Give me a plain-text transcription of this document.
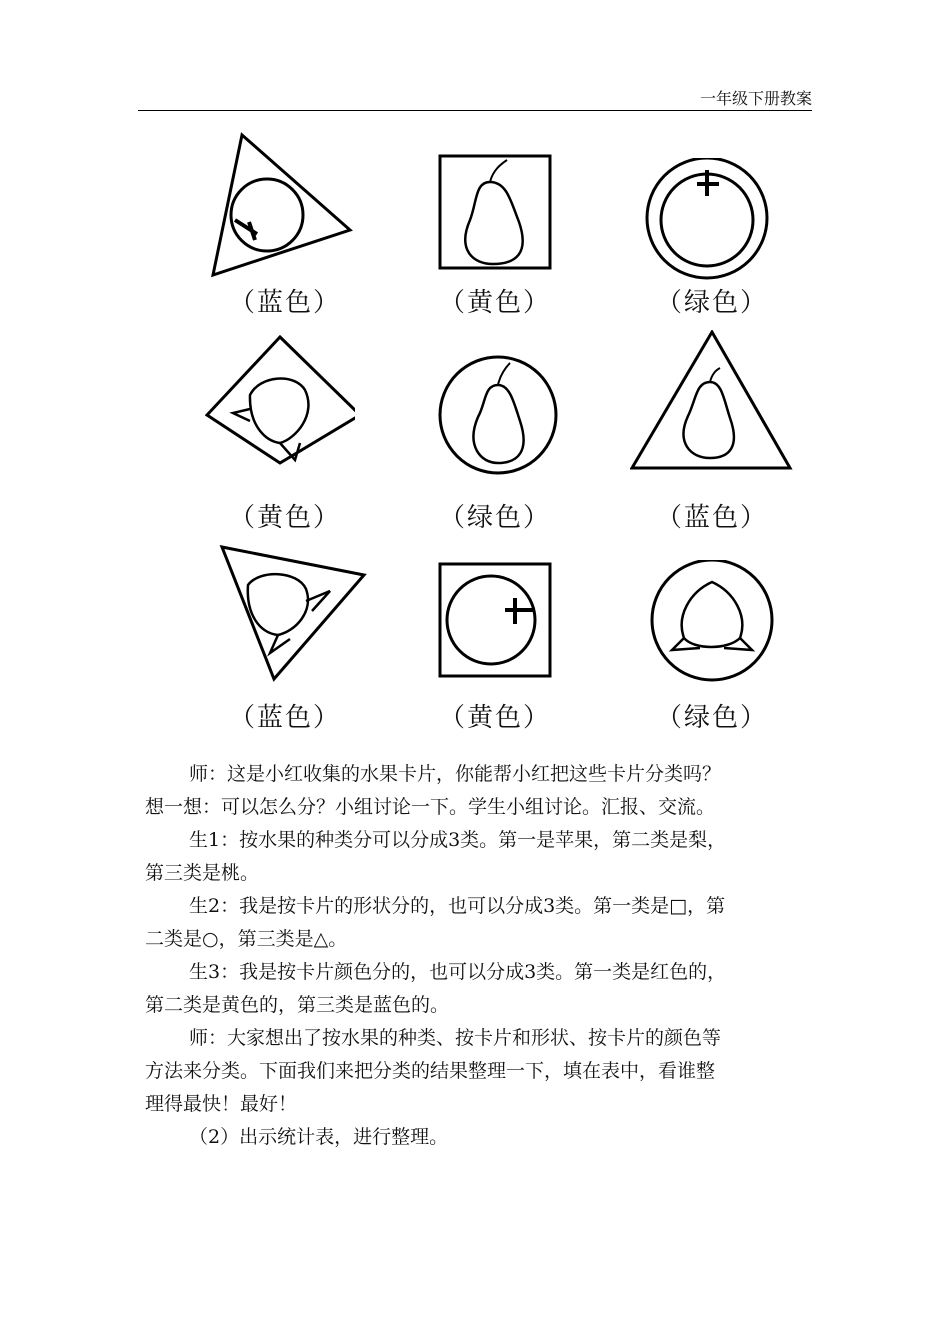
一年级下册教案
（蓝色）	（黄色）	（绿色）
（黄色）	（绿色）	（蓝色）
（蓝色）	（黄色）	（绿色）

师：这是小红收集的水果卡片，你能帮小红把这些卡片分类吗？

想一想：可以怎么分？小组讨论一下。学生小组讨论。汇报、交流。

生1：按水果的种类分可以分成3类。第一是苹果，第二类是梨，

第三类是桃。

生2：我是按卡片的形状分的，也可以分成3类。第一类是□，第

二类是○，第三类是△。

生3：我是按卡片颜色分的，也可以分成3类。第一类是红色的，

第二类是黄色的，第三类是蓝色的。

师：大家想出了按水果的种类、按卡片和形状、按卡片的颜色等

方法来分类。下面我们来把分类的结果整理一下，填在表中，看谁整

理得最快！最好！

（2）出示统计表，进行整理。
